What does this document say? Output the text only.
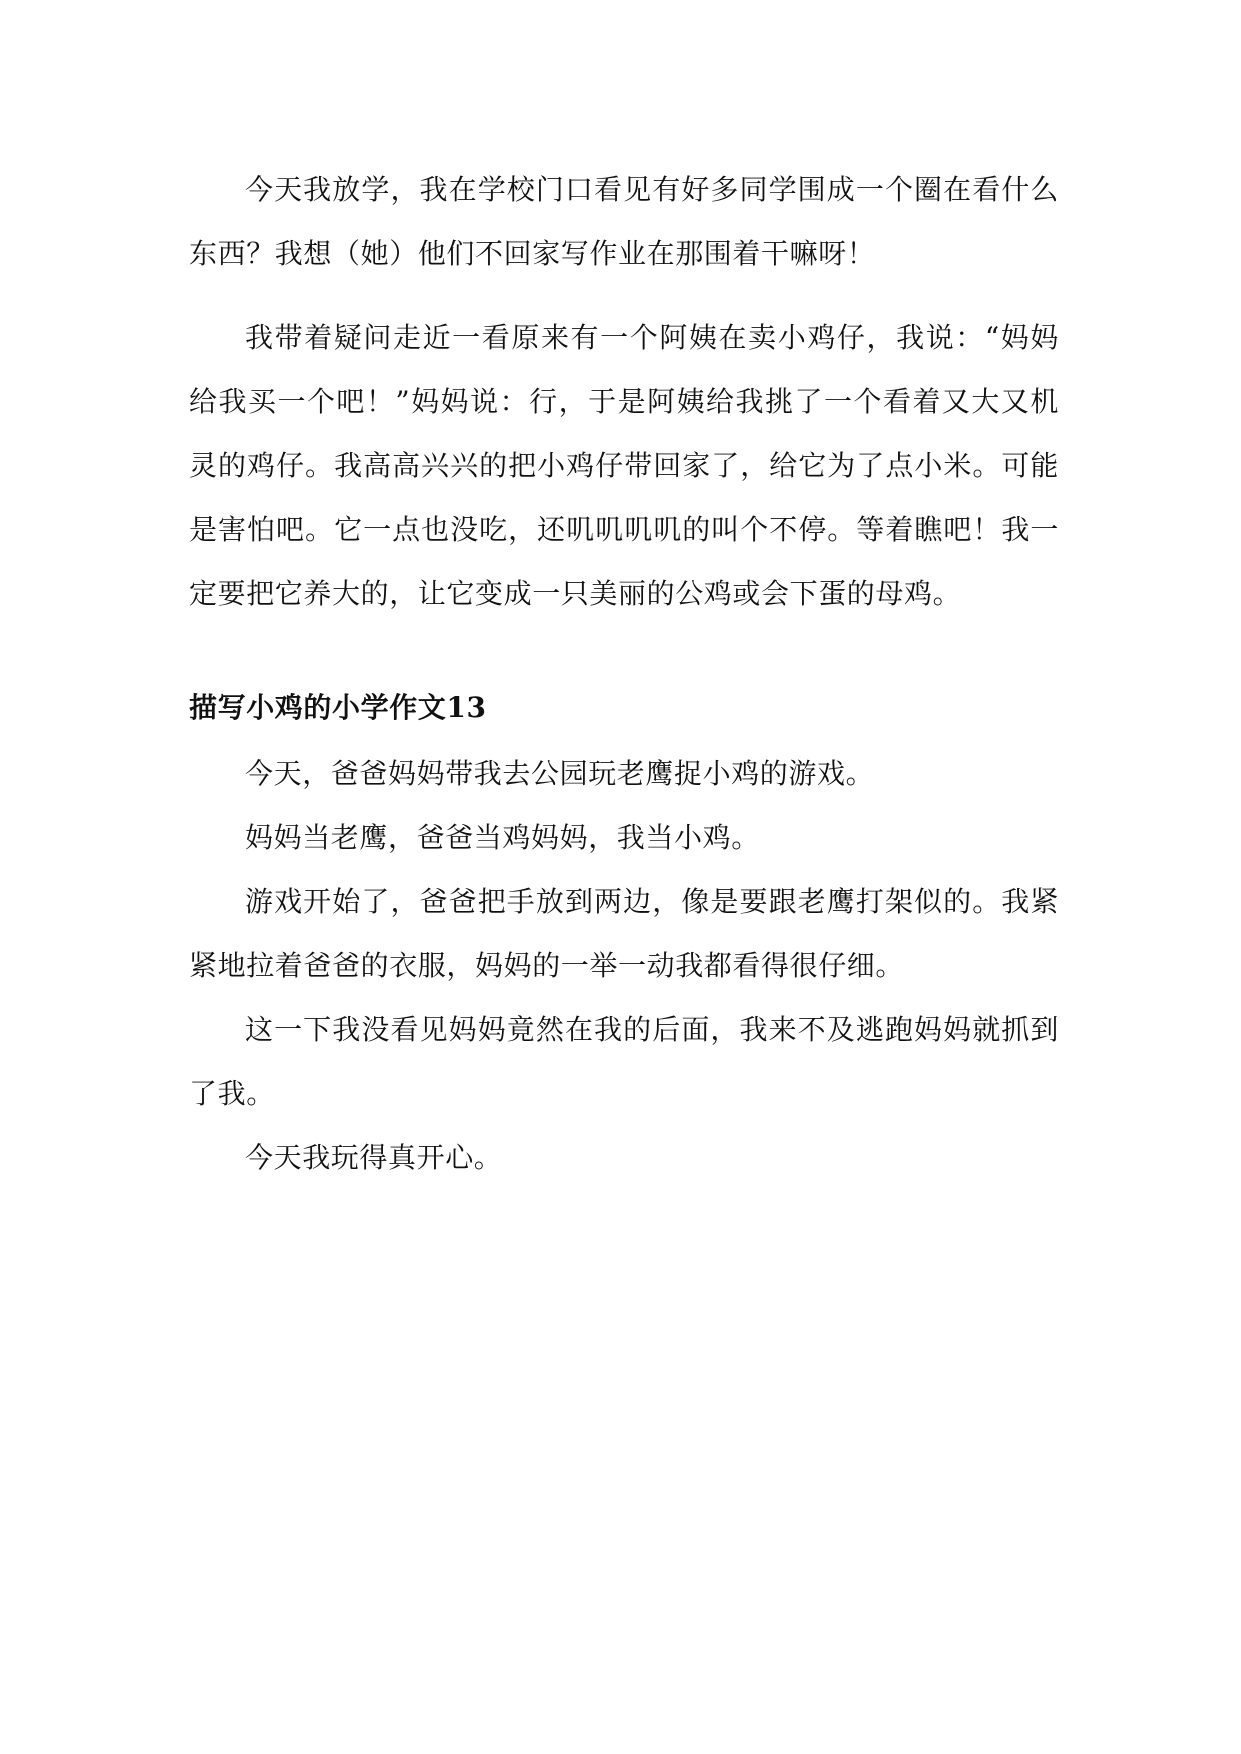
今天我放学，我在学校门口看见有好多同学围成一个圈在看什么东西？我想（她）他们不回家写作业在那围着干嘛呀！

我带着疑问走近一看原来有一个阿姨在卖小鸡仔，我说：“妈妈给我买一个吧！”妈妈说：行，于是阿姨给我挑了一个看着又大又机灵的鸡仔。我高高兴兴的把小鸡仔带回家了，给它为了点小米。可能是害怕吧。它一点也没吃，还叽叽叽叽的叫个不停。等着瞧吧！我一定要把它养大的，让它变成一只美丽的公鸡或会下蛋的母鸡。

描写小鸡的小学作文13

今天，爸爸妈妈带我去公园玩老鹰捉小鸡的游戏。

妈妈当老鹰，爸爸当鸡妈妈，我当小鸡。

游戏开始了，爸爸把手放到两边，像是要跟老鹰打架似的。我紧紧地拉着爸爸的衣服，妈妈的一举一动我都看得很仔细。

这一下我没看见妈妈竟然在我的后面，我来不及逃跑妈妈就抓到了我。

今天我玩得真开心。
